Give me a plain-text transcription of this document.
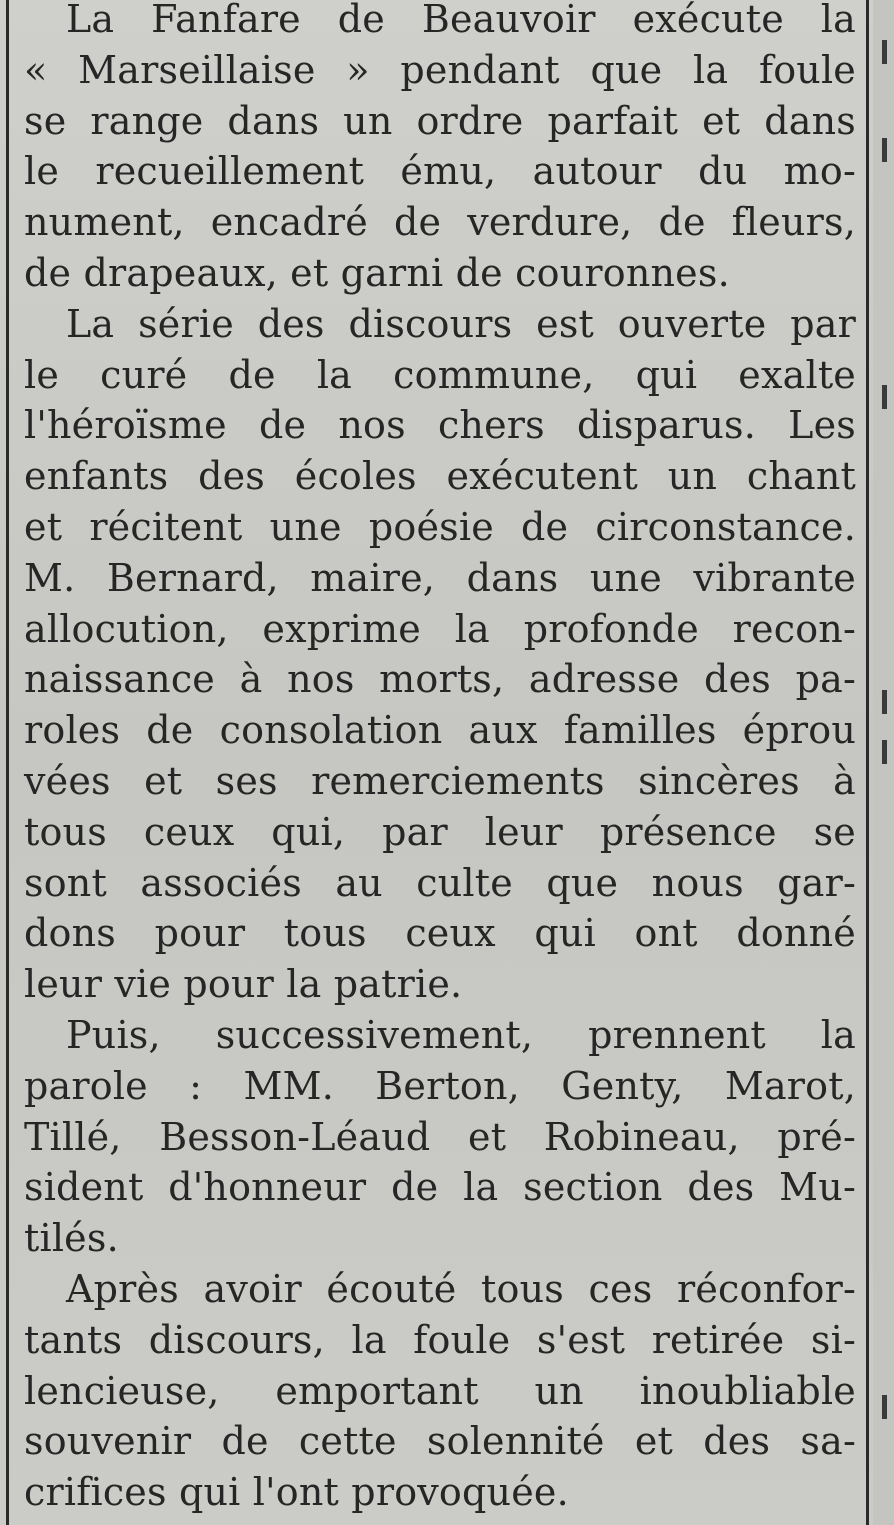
La Fanfare de Beauvoir exécute la
« Marseillaise » pendant que la foule
se range dans un ordre parfait et dans
le recueillement ému, autour du mo-
nument, encadré de verdure, de fleurs,
de drapeaux, et garni de couronnes.
La série des discours est ouverte par
le curé de la commune, qui exalte
l'héroïsme de nos chers disparus. Les
enfants des écoles exécutent un chant
et récitent une poésie de circonstance.
M. Bernard, maire, dans une vibrante
allocution, exprime la profonde recon-
naissance à nos morts, adresse des pa-
roles de consolation aux familles éprou
vées et ses remerciements sincères à
tous ceux qui, par leur présence se
sont associés au culte que nous gar-
dons pour tous ceux qui ont donné
leur vie pour la patrie.
Puis, successivement, prennent la
parole : MM. Berton, Genty, Marot,
Tillé, Besson-Léaud et Robineau, pré-
sident d'honneur de la section des Mu-
tilés.
Après avoir écouté tous ces réconfor-
tants discours, la foule s'est retirée si-
lencieuse, emportant un inoubliable
souvenir de cette solennité et des sa-
crifices qui l'ont provoquée.
